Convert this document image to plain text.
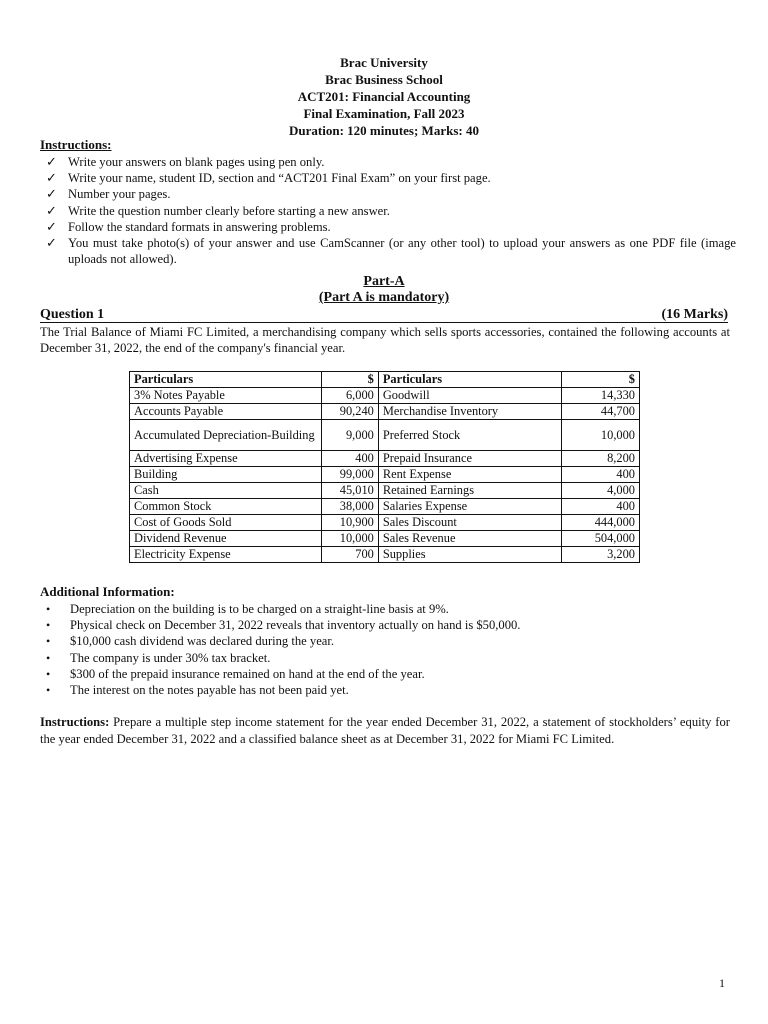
Brac University
Brac Business School
ACT201: Financial Accounting
Final Examination, Fall 2023
Duration: 120 minutes; Marks: 40
Instructions:
✓ Write your answers on blank pages using pen only.
✓ Write your name, student ID, section and “ACT201 Final Exam” on your first page.
✓ Number your pages.
✓ Write the question number clearly before starting a new answer.
✓ Follow the standard formats in answering problems.
✓ You must take photo(s) of your answer and use CamScanner (or any other tool) to upload your answers as one PDF file (image uploads not allowed).
Part-A
(Part A is mandatory)
Question 1	(16 Marks)
The Trial Balance of Miami FC Limited, a merchandising company which sells sports accessories, contained the following accounts at December 31, 2022, the end of the company's financial year.
Particulars	$	Particulars	$
3% Notes Payable	6,000	Goodwill	14,330
Accounts Payable	90,240	Merchandise Inventory	44,700
Accumulated Depreciation-Building	9,000	Preferred Stock	10,000
Advertising Expense	400	Prepaid Insurance	8,200
Building	99,000	Rent Expense	400
Cash	45,010	Retained Earnings	4,000
Common Stock	38,000	Salaries Expense	400
Cost of Goods Sold	10,900	Sales Discount	444,000
Dividend Revenue	10,000	Sales Revenue	504,000
Electricity Expense	700	Supplies	3,200
Additional Information:
• Depreciation on the building is to be charged on a straight-line basis at 9%.
• Physical check on December 31, 2022 reveals that inventory actually on hand is $50,000.
• $10,000 cash dividend was declared during the year.
• The company is under 30% tax bracket.
• $300 of the prepaid insurance remained on hand at the end of the year.
• The interest on the notes payable has not been paid yet.
Instructions: Prepare a multiple step income statement for the year ended December 31, 2022, a statement of stockholders’ equity for the year ended December 31, 2022 and a classified balance sheet as at December 31, 2022 for Miami FC Limited.
1
